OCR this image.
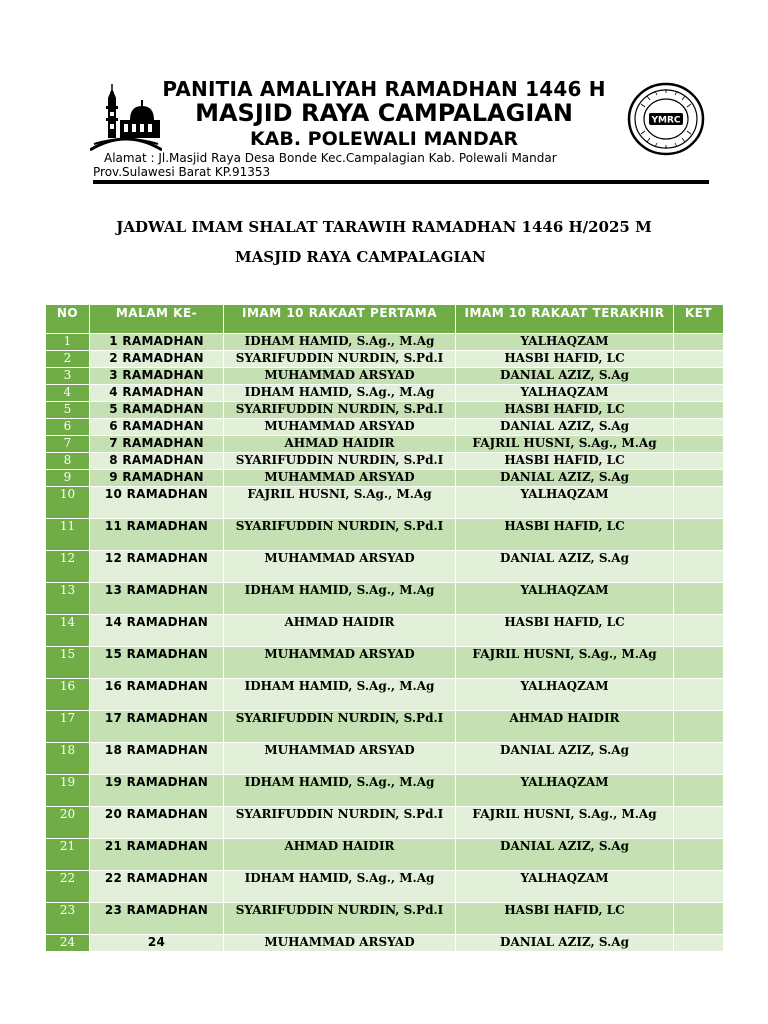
YMRC
PANITIA AMALIYAH RAMADHAN 1446 H
MASJID RAYA CAMPALAGIAN
KAB. POLEWALI MANDAR
Alamat : Jl.Masjid Raya Desa Bonde Kec.Campalagian Kab. Polewali Mandar
Prov.Sulawesi Barat KP.91353
JADWAL IMAM SHALAT TARAWIH RAMADHAN 1446 H/2025 M
MASJID RAYA CAMPALAGIAN
NO	MALAM KE-	IMAM 10 RAKAAT PERTAMA	IMAM 10 RAKAAT TERAKHIR	KET
1	1 RAMADHAN	IDHAM HAMID, S.Ag., M.Ag	YALHAQZAM	
2	2 RAMADHAN	SYARIFUDDIN NURDIN, S.Pd.I	HASBI HAFID, LC	
3	3 RAMADHAN	MUHAMMAD ARSYAD	DANIAL AZIZ, S.Ag	
4	4 RAMADHAN	IDHAM HAMID, S.Ag., M.Ag	YALHAQZAM	
5	5 RAMADHAN	SYARIFUDDIN NURDIN, S.Pd.I	HASBI HAFID, LC	
6	6 RAMADHAN	MUHAMMAD ARSYAD	DANIAL AZIZ, S.Ag	
7	7 RAMADHAN	AHMAD HAIDIR	FAJRIL HUSNI, S.Ag., M.Ag	
8	8 RAMADHAN	SYARIFUDDIN NURDIN, S.Pd.I	HASBI HAFID, LC	
9	9 RAMADHAN	MUHAMMAD ARSYAD	DANIAL AZIZ, S.Ag	
10	10 RAMADHAN	FAJRIL HUSNI, S.Ag., M.Ag	YALHAQZAM	
11	11 RAMADHAN	SYARIFUDDIN NURDIN, S.Pd.I	HASBI HAFID, LC	
12	12 RAMADHAN	MUHAMMAD ARSYAD	DANIAL AZIZ, S.Ag	
13	13 RAMADHAN	IDHAM HAMID, S.Ag., M.Ag	YALHAQZAM	
14	14 RAMADHAN	AHMAD HAIDIR	HASBI HAFID, LC	
15	15 RAMADHAN	MUHAMMAD ARSYAD	FAJRIL HUSNI, S.Ag., M.Ag	
16	16 RAMADHAN	IDHAM HAMID, S.Ag., M.Ag	YALHAQZAM	
17	17 RAMADHAN	SYARIFUDDIN NURDIN, S.Pd.I	AHMAD HAIDIR	
18	18 RAMADHAN	MUHAMMAD ARSYAD	DANIAL AZIZ, S.Ag	
19	19 RAMADHAN	IDHAM HAMID, S.Ag., M.Ag	YALHAQZAM	
20	20 RAMADHAN	SYARIFUDDIN NURDIN, S.Pd.I	FAJRIL HUSNI, S.Ag., M.Ag	
21	21 RAMADHAN	AHMAD HAIDIR	DANIAL AZIZ, S.Ag	
22	22 RAMADHAN	IDHAM HAMID, S.Ag., M.Ag	YALHAQZAM	
23	23 RAMADHAN	SYARIFUDDIN NURDIN, S.Pd.I	HASBI HAFID, LC	
24	24	MUHAMMAD ARSYAD	DANIAL AZIZ, S.Ag	
